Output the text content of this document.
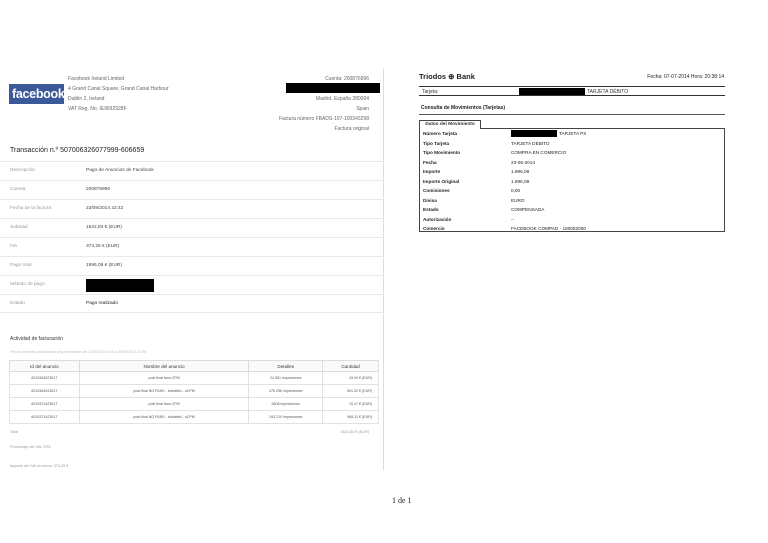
facebook
Facebook Ireland Limited
4 Grand Canal Square, Grand Canal Harbour
Dublin 2, Ireland
VAT Reg. No. IE9692928F
Cuenta: 200876996

Madrid, España 280004
Spain
Factura número FBADS-107-100343298
Factura original
Transacción n.º 507006326077999-606659
Descripción	Pago de Anuncios de Facebook
Cuenta	200876996
Fecha de la factura	23/05/2014 22:42
Subtotal	1622,84 € (EUR)
IVA	373,25 € (EUR)
Pago total	1996,09 € (EUR)
Método de pago
Estado	Pago realizado
Actividad de facturación
Por los servicios publicitarios proporcionados de 22/05/2014 0:00 a 22/05/2014 23:59
Id del anuncio	Nombre del anuncio	Detalles	Cantidad
6015364023517	post final fans CPM	24 551 impresiones	43,94 € (EUR)
6015364023517	post final NO FANS - todosfed - oCPM	476 256 impresiones	591,32 € (EUR)
6015371423517	post final fans CPM	5608 impresiones	19,47 € (EUR)
6015371423517	post final NO FANS - todosfed - oCPM	193 210 impresiones	968,11 € (EUR)
Total	1622,84 € (EUR)
Porcentaje del IVA: 23%
Importe del IVA en euros: 373,25 €
Triodos ⊕ Bank	Fecha: 07-07-2014 Hora: 20:38:14
Tarjeta:	TARJETA DÉBITO
Consulta de Movimientos (Tarjetas)
Datos del Movimiento
Número Tarjeta	TARJETA PX
Tipo Tarjeta	TARJETA DÉBITO
Tipo Movimiento	COMPRA EN COMERCIO
Fecha	23-05-2014
Importe	1.996,09
Importe Original	1.996,09
Comisiones	0,00
Divisa	EURO
Estado	COMPENSADA
Autorización	--
Comercio	FACEBOOK COMPAD - 180052000
1 de 1
